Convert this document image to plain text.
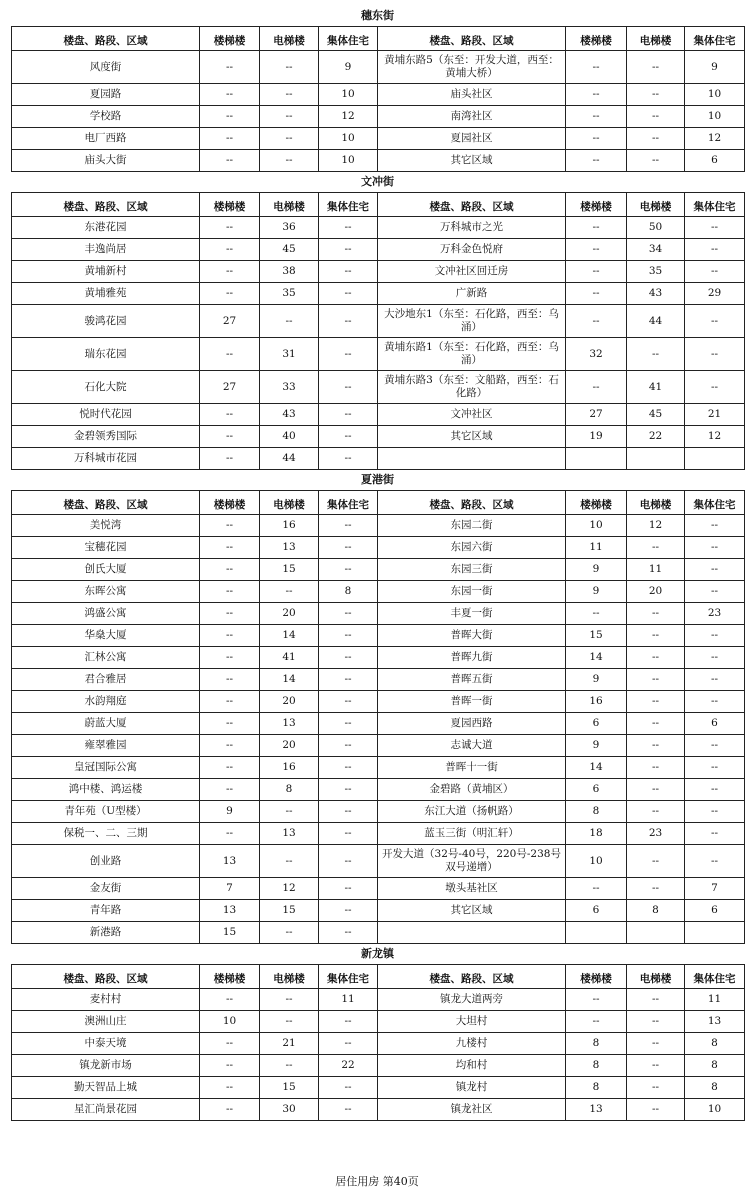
穗东街
楼盘、路段、区域	楼梯楼	电梯楼	集体住宅	楼盘、路段、区域	楼梯楼	电梯楼	集体住宅
风度街	--	--	9	黄埔东路5（东至：开发大道，西至：黄埔大桥）	--	--	9
夏园路	--	--	10	庙头社区	--	--	10
学校路	--	--	12	南湾社区	--	--	10
电厂西路	--	--	10	夏园社区	--	--	12
庙头大街	--	--	10	其它区域	--	--	6
文冲街
楼盘、路段、区域	楼梯楼	电梯楼	集体住宅	楼盘、路段、区域	楼梯楼	电梯楼	集体住宅
东港花园	--	36	--	万科城市之光	--	50	--
丰逸尚居	--	45	--	万科金色悦府	--	34	--
黄埔新村	--	38	--	文冲社区回迁房	--	35	--
黄埔雅苑	--	35	--	广新路	--	43	29
骏鸿花园	27	--	--	大沙地东1（东至：石化路，西至：乌涌）	--	44	--
瑞东花园	--	31	--	黄埔东路1（东至：石化路，西至：乌涌）	32	--	--
石化大院	27	33	--	黄埔东路3（东至：文船路，西至：石化路）	--	41	--
悦时代花园	--	43	--	文冲社区	27	45	21
金碧领秀国际	--	40	--	其它区域	19	22	12
万科城市花园	--	44	--				
夏港街
楼盘、路段、区域	楼梯楼	电梯楼	集体住宅	楼盘、路段、区域	楼梯楼	电梯楼	集体住宅
美悦湾	--	16	--	东园二街	10	12	--
宝穗花园	--	13	--	东园六街	11	--	--
创氏大厦	--	15	--	东园三街	9	11	--
东晖公寓	--	--	8	东园一街	9	20	--
鸿盛公寓	--	20	--	丰夏一街	--	--	23
华燊大厦	--	14	--	普晖大街	15	--	--
汇林公寓	--	41	--	普晖九街	14	--	--
君合雅居	--	14	--	普晖五街	9	--	--
水韵翔庭	--	20	--	普晖一街	16	--	--
蔚蓝大厦	--	13	--	夏园西路	6	--	6
雍翠雅园	--	20	--	志诚大道	9	--	--
皇冠国际公寓	--	16	--	普晖十一街	14	--	--
鸿中楼、鸿运楼	--	8	--	金碧路（黄埔区）	6	--	--
青年苑（U型楼）	9	--	--	东江大道（扬帆路）	8	--	--
保税一、二、三期	--	13	--	蓝玉三街（明汇轩）	18	23	--
创业路	13	--	--	开发大道（32号-40号，220号-238号双号递增）	10	--	--
金友街	7	12	--	墩头基社区	--	--	7
青年路	13	15	--	其它区域	6	8	6
新港路	15	--	--				
新龙镇
楼盘、路段、区域	楼梯楼	电梯楼	集体住宅	楼盘、路段、区域	楼梯楼	电梯楼	集体住宅
麦村村	--	--	11	镇龙大道两旁	--	--	11
澳洲山庄	10	--	--	大坦村	--	--	13
中泰天境	--	21	--	九楼村	8	--	8
镇龙新市场	--	--	22	均和村	8	--	8
勤天智品上城	--	15	--	镇龙村	8	--	8
星汇尚景花园	--	30	--	镇龙社区	13	--	10
居住用房 第40页
